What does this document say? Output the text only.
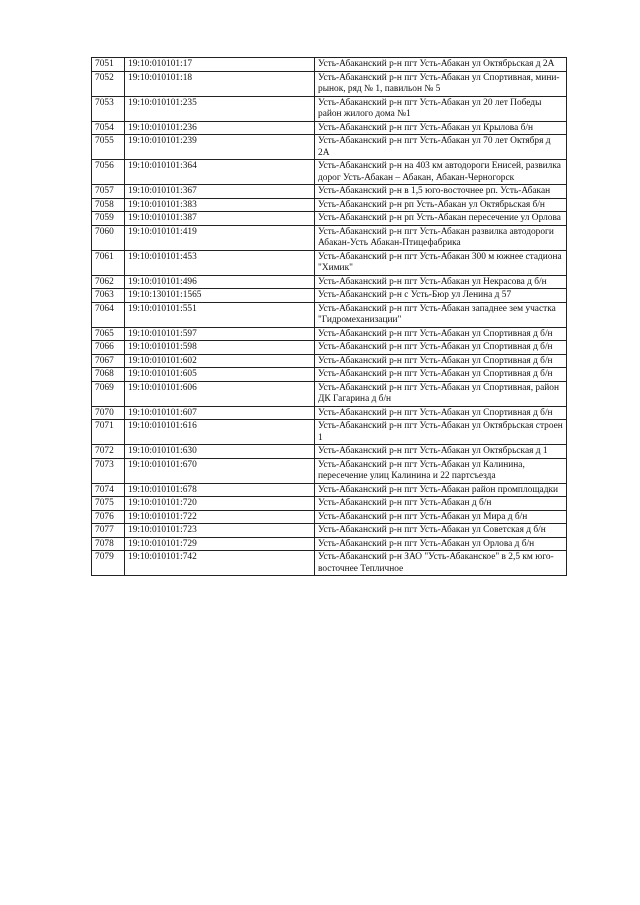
7051	19:10:010101:17	Усть-Абаканский р-н пгт Усть-Абакан ул Октябрьская д 2А
7052	19:10:010101:18	Усть-Абаканский р-н пгт Усть-Абакан ул Спортивная, мини-рынок, ряд № 1, павильон № 5
7053	19:10:010101:235	Усть-Абаканский р-н пгт Усть-Абакан ул 20 лет Победы район жилого дома №1
7054	19:10:010101:236	Усть-Абаканский р-н пгт Усть-Абакан ул Крылова б/н
7055	19:10:010101:239	Усть-Абаканский р-н пгт Усть-Абакан ул 70 лет Октября д 2А
7056	19:10:010101:364	Усть-Абаканский р-н на 403 км автодороги Енисей, развилка дорог Усть-Абакан – Абакан, Абакан-Черногорск
7057	19:10:010101:367	Усть-Абаканский р-н в 1,5 юго-восточнее рп. Усть-Абакан
7058	19:10:010101:383	Усть-Абаканский р-н рп Усть-Абакан ул Октябрьская б/н
7059	19:10:010101:387	Усть-Абаканский р-н рп Усть-Абакан пересечение ул Орлова
7060	19:10:010101:419	Усть-Абаканский р-н пгт Усть-Абакан развилка автодороги Абакан-Усть Абакан-Птицефабрика
7061	19:10:010101:453	Усть-Абаканский р-н пгт Усть-Абакан 300 м южнее стадиона "Химик"
7062	19:10:010101:496	Усть-Абаканский р-н пгт Усть-Абакан ул Некрасова д б/н
7063	19:10:130101:1565	Усть-Абаканский р-н с Усть-Бюр ул Ленина д 57
7064	19:10:010101:551	Усть-Абаканский р-н пгт Усть-Абакан западнее зем участка "Гидромеханизации"
7065	19:10:010101:597	Усть-Абаканский р-н пгт Усть-Абакан ул Спортивная д б/н
7066	19:10:010101:598	Усть-Абаканский р-н пгт Усть-Абакан ул Спортивная д б/н
7067	19:10:010101:602	Усть-Абаканский р-н пгт Усть-Абакан ул Спортивная д б/н
7068	19:10:010101:605	Усть-Абаканский р-н пгт Усть-Абакан ул Спортивная д б/н
7069	19:10:010101:606	Усть-Абаканский р-н пгт Усть-Абакан ул Спортивная, район ДК Гагарина д б/н
7070	19:10:010101:607	Усть-Абаканский р-н пгт Усть-Абакан ул Спортивная д б/н
7071	19:10:010101:616	Усть-Абаканский р-н пгт Усть-Абакан ул Октябрьская строен 1
7072	19:10:010101:630	Усть-Абаканский р-н пгт Усть-Абакан ул Октябрьская д 1
7073	19:10:010101:670	Усть-Абаканский р-н пгт Усть-Абакан ул Калинина, пересечение улиц Калинина и 22 партсъезда
7074	19:10:010101:678	Усть-Абаканский р-н пгт Усть-Абакан район промплощадки
7075	19:10:010101:720	Усть-Абаканский р-н пгт Усть-Абакан д б/н
7076	19:10:010101:722	Усть-Абаканский р-н пгт Усть-Абакан ул Мира д б/н
7077	19:10:010101:723	Усть-Абаканский р-н пгт Усть-Абакан ул Советская д б/н
7078	19:10:010101:729	Усть-Абаканский р-н пгт Усть-Абакан ул Орлова д б/н
7079	19:10:010101:742	Усть-Абаканский р-н ЗАО "Усть-Абаканское" в 2,5 км юго-восточнее Тепличное
